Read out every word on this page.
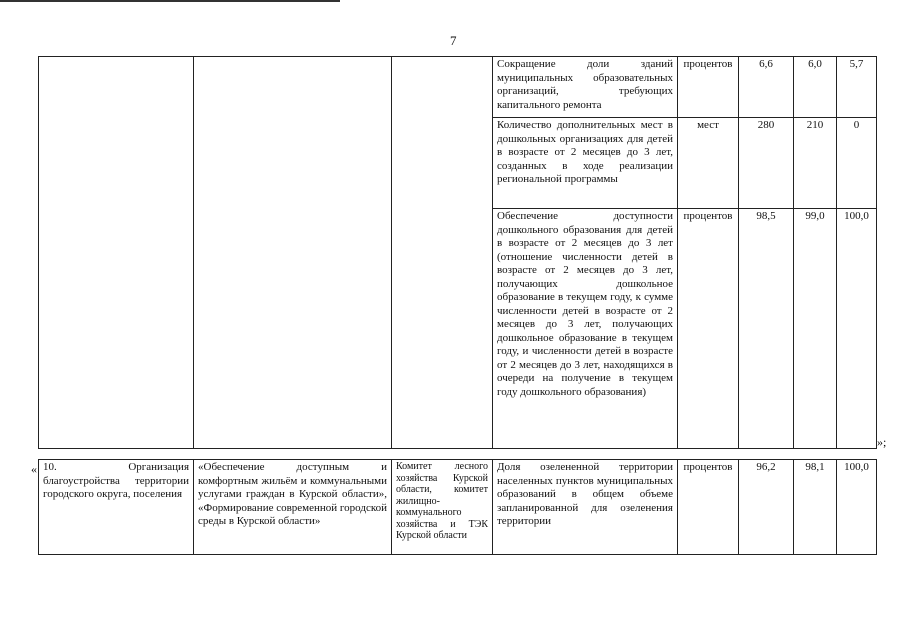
7
			Сокращение доли зданий муниципальных образовательных организаций, требующих капитального ремонта	процентов	6,6	6,0	5,7
			Количество дополнительных мест в дошкольных организациях для детей в возрасте от 2 месяцев до 3 лет, созданных в ходе реализации региональной программы	мест	280	210	0
			Обеспечение доступности дошкольного образования для детей в возрасте от 2 месяцев до 3 лет (отношение численности детей в возрасте от 2 месяцев до 3 лет, получающих дошкольное образование в текущем году, к сумме численности детей в возрасте от 2 месяцев до 3 лет, получающих дошкольное образование в текущем году, и численности детей в возрасте от 2 месяцев до 3 лет, находящихся в очереди на получение в текущем году дошкольного образования)	процентов	98,5	99,0	100,0
»;
« 10. Организация благоустройства территории городского округа, поселения	«Обеспечение доступным и комфортным жильём и коммунальными услугами граждан в Курской области», «Формирование современной городской среды в Курской области»	Комитет лесного хозяйства Курской области, комитет жилищно-коммунального хозяйства и ТЭК Курской области	Доля озелененной территории населенных пунктов муниципальных образований в общем объеме запланированной для озеленения территории	процентов	96,2	98,1	100,0
